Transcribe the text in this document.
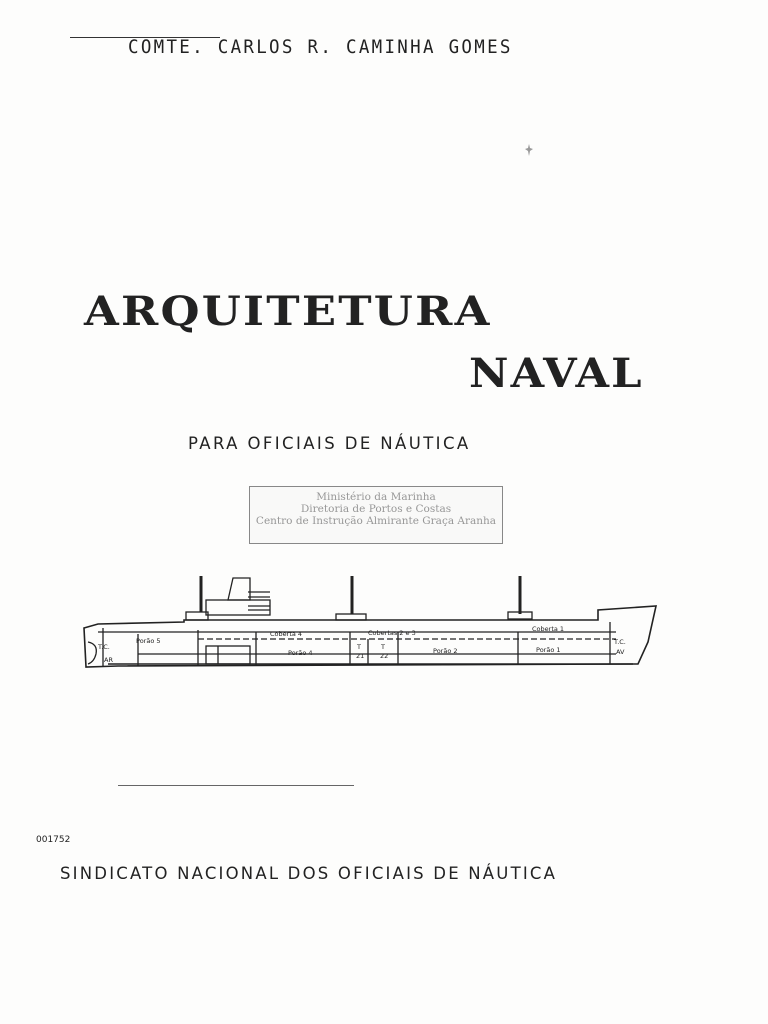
COMTE. CARLOS R. CAMINHA GOMES
ARQUITETURA
NAVAL
PARA OFICIAIS DE NÁUTICA
Ministério da Marinha
Diretoria de Portos e Costas
Centro de Instrução Almirante Graça Aranha
Porão 5
Coberta 4	Cobertas 2 e 3	Coberta 1
T.C.
AR
Porão 4
T
21
T
22
Porão 2	Porão 1
T.C.
AV
001752
SINDICATO NACIONAL DOS OFICIAIS DE NÁUTICA
